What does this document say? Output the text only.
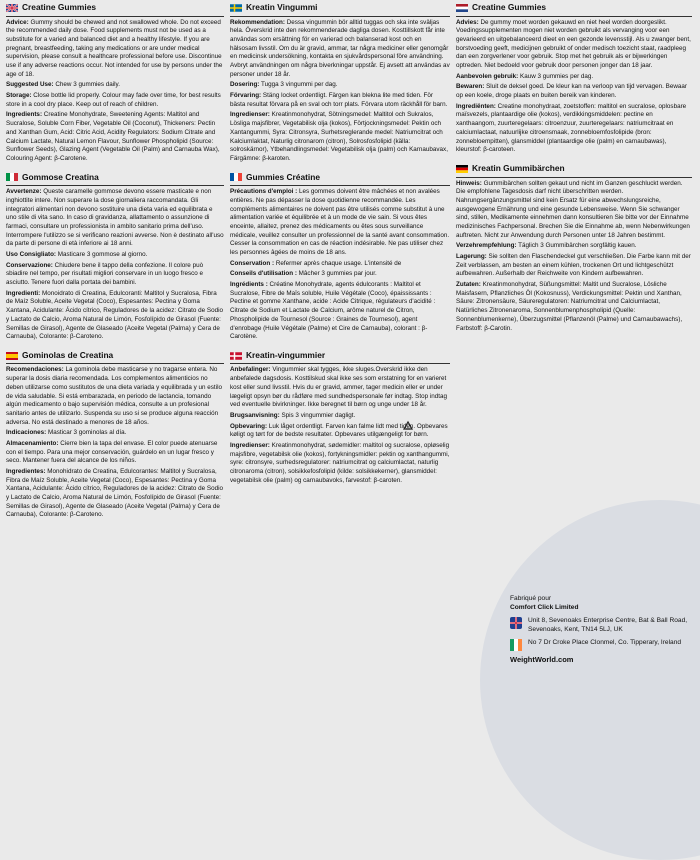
Creatine Gummies

Advice: Gummy should be chewed and not swallowed whole. Do not exceed the recommended daily dose. Food supplements must not be used as a substitute for a varied and balanced diet and a healthy lifestyle. If you are pregnant, breastfeeding, taking any medications or are under medical supervision, please consult a healthcare professional before use. Discontinue use if any adverse reactions occur. Not intended for use by persons under the age of 18.

Suggested Use: Chew 3 gummies daily.

Storage: Close bottle lid properly. Colour may fade over time, for best results store in a cool dry place. Keep out of reach of children.

Ingredients: Creatine Monohydrate, Sweetening Agents: Maltitol and Sucralose, Soluble Corn Fiber, Vegetable Oil (Coconut), Thickeners: Pectin and Xanthan Gum, Acid: Citric Acid, Acidity Regulators: Sodium Citrate and Calcium Lactate, Natural Lemon Flavour, Sunflower Phospholipid (Source: Sunflower Seeds), Glazing Agent (Vegetable Oil (Palm) and Carnauba Wax), Colouring Agent: β-Carotene.

Gommose Creatina

Avvertenze: Queste caramelle gommose devono essere masticate e non inghiottite intere. Non superare la dose giornaliera raccomandata. Gli integratori alimentari non devono sostituire una dieta varia ed equilibrata e uno stile di vita sano. In caso di gravidanza, allattamento o assunzione di farmaci, consultare un professionista in ambito sanitario prima dell'uso. Interrompere l'utilizzo se si verificano reazioni avverse. Non è destinato all'uso da parte di persone di età inferiore ai 18 anni.

Uso Consigliato: Masticare 3 gommose al giorno.

Conservazione: Chiudere bene il tappo della confezione. Il colore può sbiadire nel tempo, per risultati migliori conservare in un luogo fresco e asciutto. Tenere fuori dalla portata dei bambini.

Ingredienti: Monoidrato di Creatina, Edulcoranti: Maltitol y Sucralosa, Fibra de Maíz Soluble, Aceite Vegetal (Coco), Espesantes: Pectina y Goma Xantana, Acidulante: Ácido cítrico, Reguladores de la acidez: Citrato de Sodio y Lactato de Calcio, Aroma Natural de Limón, Fosfolípido de Girasol (Fuente: Semillas de Girasol), Agente de Glaseado (Aceite Vegetal (Palma) y Cera de Carnauba), Colorante: β-Caroteno.

Gominolas de Creatina

Recomendaciones: La gominola debe masticarse y no tragarse entera. No superar la dosis diaria recomendada. Los complementos alimenticios no deben utilizarse como sustitutos de una dieta variada y equilibrada y un estilo de vida saludable. Si está embarazada, en periodo de lactancia, tomando algún medicamento o bajo supervisión médica, consulte a un profesional sanitario antes de utilizarlo. Suspenda su uso si se produce alguna reacción adversa. No está destinado a menores de 18 años.

Indicaciones: Masticar 3 gominolas al día.

Almacenamiento: Cierre bien la tapa del envase. El color puede atenuarse con el tiempo. Para una mejor conservación, guárdelo en un lugar fresco y seco. Mantener fuera del alcance de los niños.

Ingredientes: Monohidrato de Creatina, Edulcorantes: Maltitol y Sucralosa, Fibra de Maíz Soluble, Aceite Vegetal (Coco), Espesantes: Pectina y Goma Xantana, Acidulante: Ácido cítrico, Reguladores de la acidez: Citrato de Sodio y Lactato de Calcio, Aroma Natural de Limón, Fosfolípido de Girasol (Fuente: Semillas de Girasol), Agente de Glaseado (Aceite Vegetal (Palma) y Cera de Carnauba), Colorante: β-Caroteno.

Kreatin Vingummi

Rekommendation: Dessa vingummin bör alltid tuggas och ska inte sväljas hela. Överskrid inte den rekommenderade dagliga dosen. Kosttillskott får inte användas som ersättning för en varierad och balanserad kost och en hälsosam livsstil. Om du är gravid, ammar, tar några mediciner eller genomgår en medicinsk undersökning, kontakta en sjukvårdspersonal före användning. Avbryt användningen om några biverkningar uppstår. Ej avsett att användas av personer under 18 år.

Dosering: Tugga 3 vingummi per dag.

Förvaring: Stäng locket ordentligt. Färgen kan blekna lite med tiden. För bästa resultat förvara på en sval och torr plats. Förvara utom räckhåll för barn.

Ingredienser: Kreatinmonohydrat, Sötningsmedel: Maltitol och Sukralos, Lösliga majsfibrer, Vegetabilisk olja (kokos), Förtjockningsmedel: Pektin och Xantangummi, Syra: Citronsyra, Surhetsreglerande medel: Natriumcitrat och Kalciumlaktat, Naturlig citronarom (citron), Solrosfosfolipid (källa: solroskärnor), Ytbehandlingsmedel: Vegetabilisk olja (palm) och Karnaubavax, Färgämne: β-karoten.

Gummies Créatine

Précautions d'emploi : Les gommes doivent être mâchées et non avalées entières. Ne pas dépasser la dose quotidienne recommandée. Les compléments alimentaires ne doivent pas être utilisés comme substitut à une alimentation variée et équilibrée et à un mode de vie sain. Si vous êtes enceinte, allaitez, prenez des médicaments ou êtes sous surveillance médicale, veuillez consulter un professionnel de la santé avant consommation. Cesser la consommation en cas de réaction indésirable. Ne pas utiliser chez les personnes âgées de moins de 18 ans.

Conservation : Refermer après chaque usage. L'intensité de

Conseils d'utilisation : Mâcher 3 gummies par jour.

Ingrédients : Créatine Monohydrate, agents édulcorants : Maltitol et Sucralose, Fibre de Maïs soluble, Huile Végétale (Coco), épaississants : Pectine et gomme Xanthane, acide : Acide Citrique, régulateurs d'acidité : Citrate de Sodium et Lactate de Calcium, arôme naturel de Citron, Phospholipide de Tournesol (Source : Graines de Tournesol), agent d'enrobage (Huile Végétale (Palme) et Cire de Carnauba), colorant : β-Carotène.

Kreatin-vingummier

Anbefalinger: Vingummier skal tygges, ikke sluges.Overskrid ikke den anbefalede dagsdosis. Kosttilskud skal ikke ses som erstatning for en varieret kost eller sund livsstil. Hvis du er gravid, ammer, tager medicin eller er under lægeligt opsyn bør du rådføre med sundhedspersonale før indtag. Stop indtag ved eventuelle bivirkninger. Ikke beregnet til børn og unge under 18 år.

Brugsanvisning: Spis 3 vingummier dagligt.

Opbevaring: Luk låget ordentligt. Farven kan falme lidt med tiden. Opbevares køligt og tørt for de bedste resultater. Opbevares utilgængeligt for børn.

Ingredienser: Kreatinmonohydrat, sødemidler: maltitol og sucralose, opløselig majsfibre, vegetabilsk olie (kokos), fortykningsmidler: pektin og xanthangummi, syre: citronsyre, surhedsregulatorer: natriumcitrat og calciumlactat, naturlig citronaroma (citron), solsikkefosfolipid (kilde: solsikkekerner), glansmiddel: vegetabilsk olie (palm) og carnaubavoks, farvestof: β-caroten.

Creatine Gummies

Advies: De gummy moet worden gekauwd en niet heel worden doorgeslikt. Voedingssupplementen mogen niet worden gebruikt als vervanging voor een gevarieerd en uitgebalanceerd dieet en een gezonde levensstijl. Als u zwanger bent, borstvoeding geeft, medicijnen gebruikt of onder medisch toezicht staat, raadpleeg dan een zorgverlener voor gebruik. Stop met het gebruik als er bijwerkingen optreden. Niet bedoeld voor gebruik door personen jonger dan 18 jaar.

Aanbevolen gebruik: Kauw 3 gummies per dag.

Bewaren: Sluit de deksel goed. De kleur kan na verloop van tijd vervagen. Bewaar op een koele, droge plaats en buiten bereik van kinderen.

Ingrediënten: Creatine monohydraat, zoetstoffen: maltitol en sucralose, oplosbare maïsvezels, plantaardige olie (kokos), verdikkingsmiddelen: pectine en xanthaangom, zuurteregelaars: citroenzuur, zuurteregelaars: natriumcitraat en calciumlactaat, natuurlijke citroensmaak, zonnebloemfosfolipide (bron: zonnebloempitten), glansmiddel (plantaardige olie (palm) en carnaubawas), kleurstof: β-caroteen.

Kreatin Gummibärchen

Hinweis: Gummibärchen sollten gekaut und nicht im Ganzen geschluckt werden. Die empfohlene Tagesdosis darf nicht überschritten werden. Nahrungsergänzungsmittel sind kein Ersatz für eine abwechslungsreiche, ausgewogene Ernährung und eine gesunde Lebensweise. Wenn Sie schwanger sind, stillen, Medikamente einnehmen dann konsultieren Sie bitte vor der Einnahme medizinisches Fachpersonal. Brechen Sie die Einnahme ab, wenn Nebenwirkungen auftreten. Nicht zur Anwendung durch Personen unter 18 Jahren bestimmt.

Verzehrempfehlung: Täglich 3 Gummibärchen sorgfältig kauen.

Lagerung: Sie sollten den Flaschendeckel gut verschließen. Die Farbe kann mit der Zeit verblassen, am besten an einem kühlen, trockenen Ort und lichtgeschützt aufbewahren. Außerhalb der Reichweite von Kindern aufbewahren.

Zutaten: Kreatinmonohydrat, Süßungsmittel: Maltit und Sucralose, Lösliche Maisfasern, Pflanzliches Öl (Kokosnuss), Verdickungsmittel: Pektin und Xanthan, Säure: Zitronensäure, Säureregulatoren: Natriumcitrat und Calciumlactat, Natürliches Zitronenaroma, Sonnenblumenphospholipid (Quelle: Sonnenblumenkerne), Überzugsmittel (Pflanzenöl (Palme) und Carnaubawachs), Farbstoff: β-Carotin.

Fabriqué pour
Comfort Click Limited
Unit 8, Sevenoaks Enterprise Centre, Bat & Ball Road, Sevenoaks, Kent, TN14 5LJ, UK
No 7 Dr Croke Place Clonmel, Co. Tipperary, Ireland
WeightWorld.com
